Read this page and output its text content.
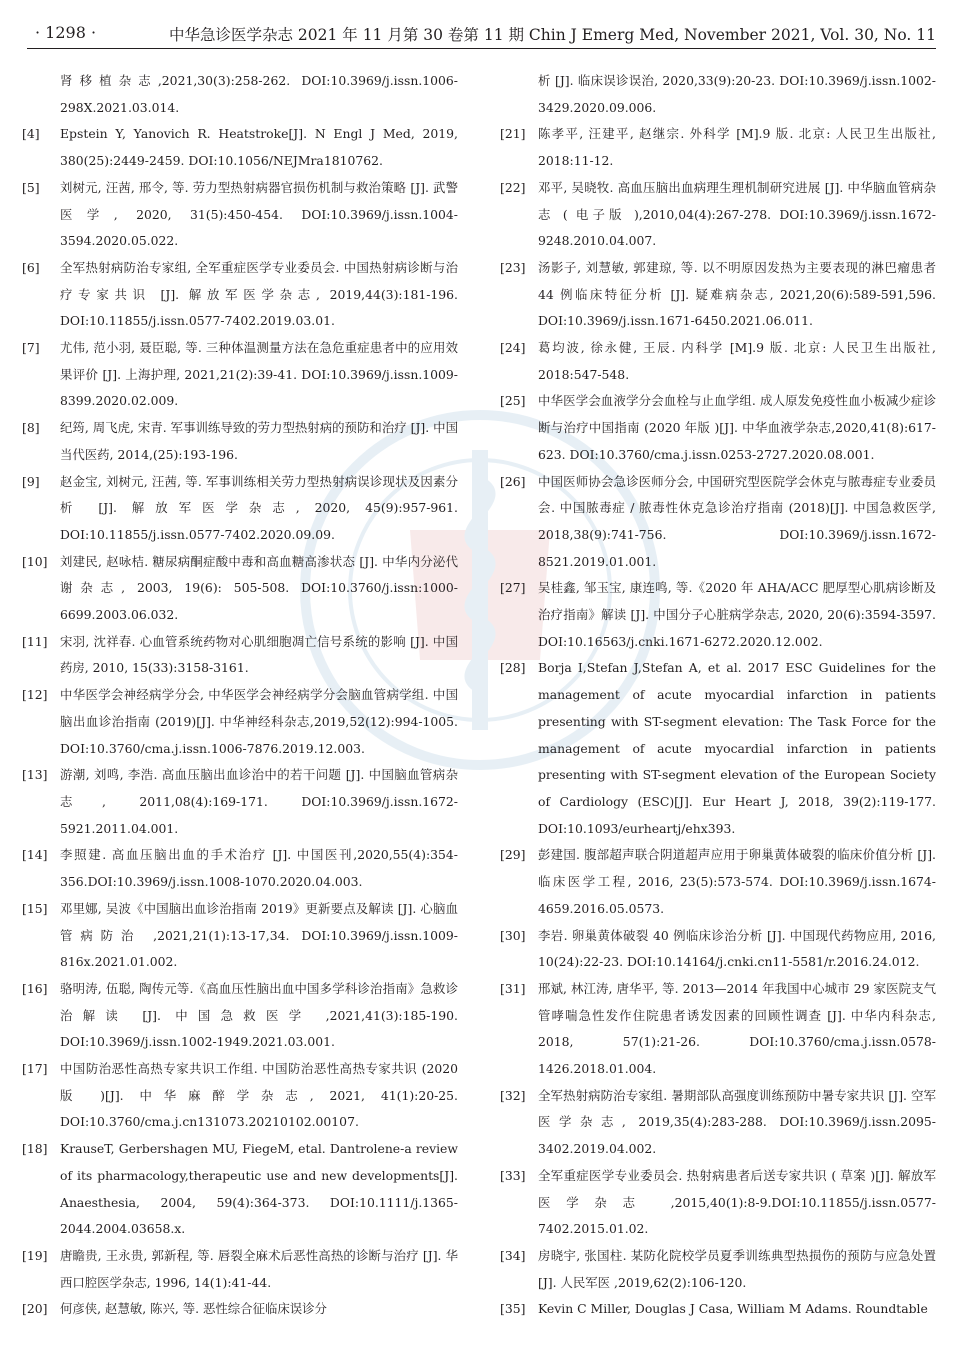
· 1298 ·	中华急诊医学杂志 2021 年 11 月第 30 卷第 11 期 Chin J Emerg Med, November 2021, Vol. 30, No. 11
肾移植杂志,2021,30(3):258-262. DOI:10.3969/j.issn.1006-298X.2021.03.014.
[4]	Epstein Y, Yanovich R. Heatstroke[J]. N Engl J Med, 2019, 380(25):2449-2459. DOI:10.1056/NEJMra1810762.
[5]	刘树元, 汪茜, 邢令, 等. 劳力型热射病器官损伤机制与救治策略 [J]. 武警医学, 2020, 31(5):450-454. DOI:10.3969/j.issn.1004-3594.2020.05.022.
[6]	全军热射病防治专家组, 全军重症医学专业委员会. 中国热射病诊断与治疗专家共识 [J]. 解放军医学杂志, 2019,44(3):181-196. DOI:10.11855/j.issn.0577-7402.2019.03.01.
[7]	尤伟, 范小羽, 聂臣聪, 等. 三种体温测量方法在急危重症患者中的应用效果评价 [J]. 上海护理, 2021,21(2):39-41. DOI:10.3969/j.issn.1009-8399.2020.02.009.
[8]	纪筠, 周飞虎, 宋青. 军事训练导致的劳力型热射病的预防和治疗 [J]. 中国当代医药, 2014,(25):193-196.
[9]	赵金宝, 刘树元, 汪茜, 等. 军事训练相关劳力型热射病误诊现状及因素分析 [J]. 解放军医学杂志, 2020, 45(9):957-961. DOI:10.11855/j.issn.0577-7402.2020.09.09.
[10]	刘建民, 赵咏桔. 糖尿病酮症酸中毒和高血糖高渗状态 [J]. 中华内分泌代谢杂志, 2003, 19(6): 505-508. DOI:10.3760/j.issn:1000-6699.2003.06.032.
[11]	宋羽, 沈祥春. 心血管系统药物对心肌细胞凋亡信号系统的影响 [J]. 中国药房, 2010, 15(33):3158-3161.
[12]	中华医学会神经病学分会, 中华医学会神经病学分会脑血管病学组. 中国脑出血诊治指南 (2019)[J]. 中华神经科杂志,2019,52(12):994-1005. DOI:10.3760/cma.j.issn.1006-7876.2019.12.003.
[13]	游潮, 刘鸣, 李浩. 高血压脑出血诊治中的若干问题 [J]. 中国脑血管病杂志, 2011,08(4):169-171. DOI:10.3969/j.issn.1672-5921.2011.04.001.
[14]	李照建. 高血压脑出血的手术治疗 [J]. 中国医刊,2020,55(4):354-356.DOI:10.3969/j.issn.1008-1070.2020.04.003.
[15]	邓里娜, 吴波《中国脑出血诊治指南 2019》更新要点及解读 [J]. 心脑血管病防治 ,2021,21(1):13-17,34. DOI:10.3969/j.issn.1009-816x.2021.01.002.
[16]	骆明涛, 伍聪, 陶传元等.《高血压性脑出血中国多学科诊治指南》急救诊治解读 [J]. 中国急救医学 ,2021,41(3):185-190. DOI:10.3969/j.issn.1002-1949.2021.03.001.
[17]	中国防治恶性高热专家共识工作组. 中国防治恶性高热专家共识 (2020 版 )[J]. 中华麻醉学杂志, 2021, 41(1):20-25. DOI:10.3760/cma.j.cn131073.20210102.00107.
[18]	KrauseT, Gerbershagen MU, FiegeM, etal. Dantrolene-a review of its pharmacology,therapeutic use and new developments[J]. Anaesthesia, 2004, 59(4):364-373. DOI:10.1111/j.1365-2044.2004.03658.x.
[19]	唐瞻贵, 王永贵, 郭新程, 等. 唇裂全麻术后恶性高热的诊断与治疗 [J]. 华西口腔医学杂志, 1996, 14(1):41-44.
[20]	何彦侠, 赵慧敏, 陈兴, 等. 恶性综合征临床误诊分
析 [J]. 临床误诊误治, 2020,33(9):20-23. DOI:10.3969/j.issn.1002-3429.2020.09.006.
[21]	陈孝平, 汪建平, 赵继宗. 外科学 [M].9 版. 北京: 人民卫生出版社, 2018:11-12.
[22]	邓平, 吴晓牧. 高血压脑出血病理生理机制研究进展 [J]. 中华脑血管病杂志 ( 电子版 ),2010,04(4):267-278. DOI:10.3969/j.issn.1672-9248.2010.04.007.
[23]	汤影子, 刘慧敏, 郭建琼, 等. 以不明原因发热为主要表现的淋巴瘤患者 44 例临床特征分析 [J]. 疑难病杂志, 2021,20(6):589-591,596. DOI:10.3969/j.issn.1671-6450.2021.06.011.
[24]	葛均波, 徐永健, 王辰. 内科学 [M].9 版. 北京: 人民卫生出版社, 2018:547-548.
[25]	中华医学会血液学分会血栓与止血学组. 成人原发免疫性血小板减少症诊断与治疗中国指南 (2020 年版 )[J]. 中华血液学杂志,2020,41(8):617-623. DOI:10.3760/cma.j.issn.0253-2727.2020.08.001.
[26]	中国医师协会急诊医师分会, 中国研究型医院学会休克与脓毒症专业委员会. 中国脓毒症 / 脓毒性休克急诊治疗指南 (2018)[J]. 中国急救医学, 2018,38(9):741-756. DOI:10.3969/j.issn.1672-8521.2019.01.001.
[27]	吴桂鑫, 邹玉宝, 康连鸣, 等.《2020 年 AHA/ACC 肥厚型心肌病诊断及治疗指南》解读 [J]. 中国分子心脏病学杂志, 2020, 20(6):3594-3597. DOI:10.16563/j.cnki.1671-6272.2020.12.002.
[28]	Borja I,Stefan J,Stefan A, et al. 2017 ESC Guidelines for the management of acute myocardial infarction in patients presenting with ST-segment elevation: The Task Force for the management of acute myocardial infarction in patients presenting with ST-segment elevation of the European Society of Cardiology (ESC)[J]. Eur Heart J, 2018, 39(2):119-177. DOI:10.1093/eurheartj/ehx393.
[29]	彭建国. 腹部超声联合阴道超声应用于卵巢黄体破裂的临床价值分析 [J]. 临床医学工程, 2016, 23(5):573-574. DOI:10.3969/j.issn.1674-4659.2016.05.0573.
[30]	李岩. 卵巢黄体破裂 40 例临床诊治分析 [J]. 中国现代药物应用, 2016, 10(24):22-23. DOI:10.14164/j.cnki.cn11-5581/r.2016.24.012.
[31]	邢斌, 林江涛, 唐华平, 等. 2013—2014 年我国中心城市 29 家医院支气管哮喘急性发作住院患者诱发因素的回顾性调查 [J]. 中华内科杂志, 2018, 57(1):21-26. DOI:10.3760/cma.j.issn.0578-1426.2018.01.004.
[32]	全军热射病防治专家组. 暑期部队高强度训练预防中暑专家共识 [J]. 空军医学杂志, 2019,35(4):283-288. DOI:10.3969/j.issn.2095-3402.2019.04.002.
[33]	全军重症医学专业委员会. 热射病患者后送专家共识 ( 草案 )[J]. 解放军医学杂志 ,2015,40(1):8-9.DOI:10.11855/j.issn.0577-7402.2015.01.02.
[34]	房晓宇, 张国柱. 某防化院校学员夏季训练典型热损伤的预防与应急处置 [J]. 人民军医 ,2019,62(2):106-120.
[35]	Kevin C Miller, Douglas J Casa, William M Adams. Roundtable
